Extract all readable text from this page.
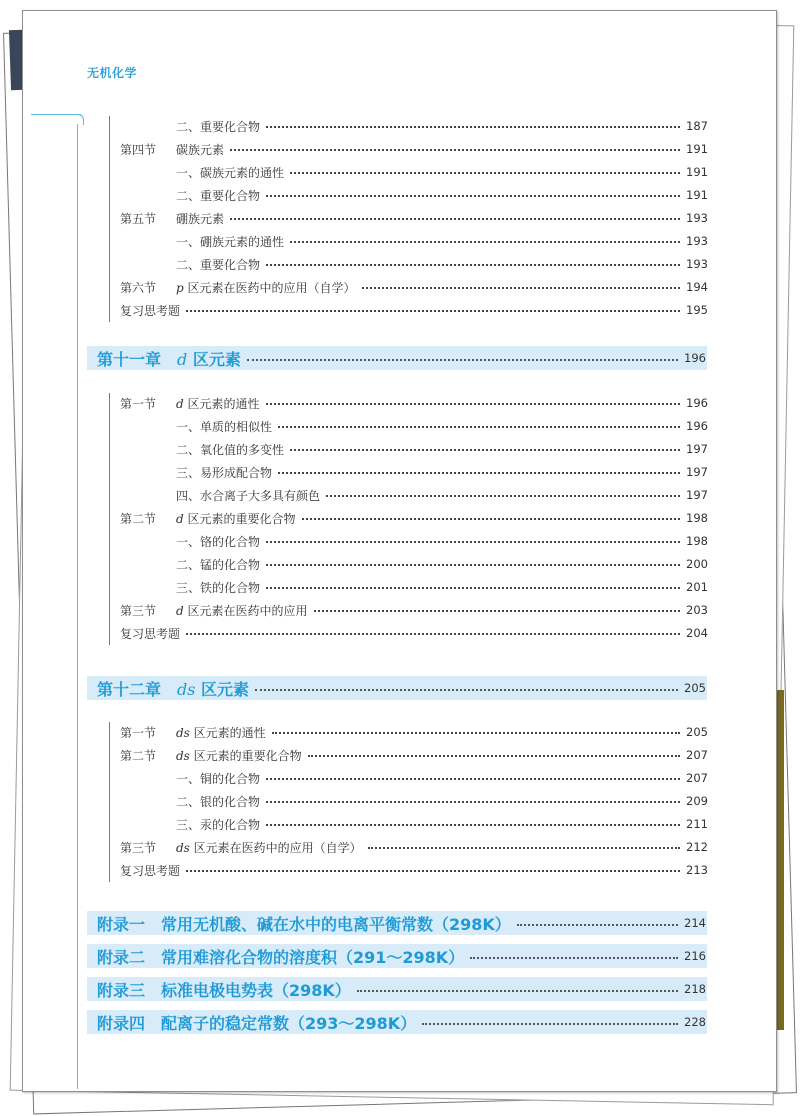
无机化学
二、重要化合物	187
第四节 碳族元素	191
一、碳族元素的通性	191
二、重要化合物	191
第五节 硼族元素	193
一、硼族元素的通性	193
二、重要化合物	193
第六节 p 区元素在医药中的应用（自学）	194
复习思考题	195
第十一章　 d 区元素	196
第一节 d 区元素的通性	196
一、单质的相似性	196
二、氧化值的多变性	197
三、易形成配合物	197
四、水合离子大多具有颜色	197
第二节 d 区元素的重要化合物	198
一、铬的化合物	198
二、锰的化合物	200
三、铁的化合物	201
第三节 d 区元素在医药中的应用	203
复习思考题	204
第十二章　 ds 区元素	205
第一节 ds 区元素的通性	205
第二节 ds 区元素的重要化合物	207
一、铜的化合物	207
二、银的化合物	209
三、汞的化合物	211
第三节 ds 区元素在医药中的应用（自学）	212
复习思考题	213
附录一　常用无机酸、碱在水中的电离平衡常数（298K）	214
附录二　常用难溶化合物的溶度积（291～298K）	216
附录三　标准电极电势表（298K）	218
附录四　配离子的稳定常数（293～298K）	228
